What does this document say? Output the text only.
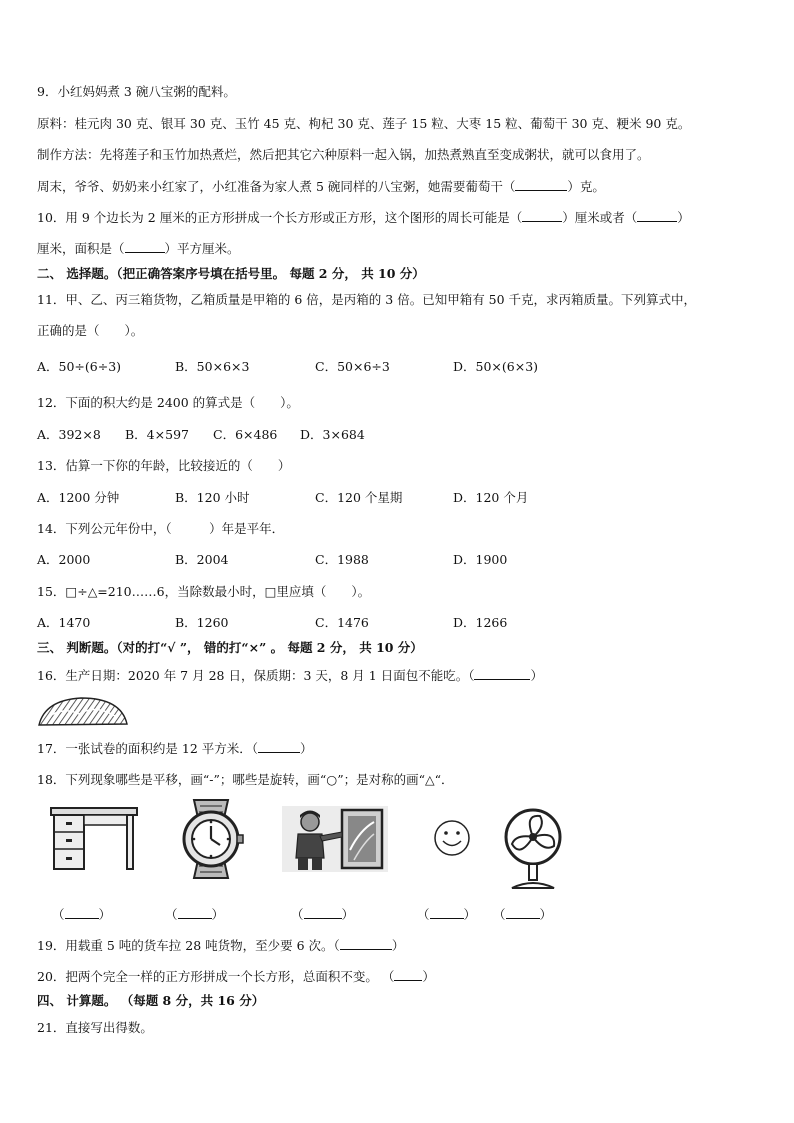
9．小红妈妈煮 3 碗八宝粥的配料。
原料：桂元肉 30 克、银耳 30 克、玉竹 45 克、枸杞 30 克、莲子 15 粒、大枣 15 粒、葡萄干 30 克、粳米 90 克。
制作方法：先将莲子和玉竹加热煮烂，然后把其它六种原料一起入锅，加热煮熟直至变成粥状，就可以食用了。
周末，爷爷、奶奶来小红家了，小红准备为家人煮 5 碗同样的八宝粥，她需要葡萄干（	）克。
10．用 9 个边长为 2 厘米的正方形拼成一个长方形或正方形，这个图形的周长可能是（	）厘米或者（	）
厘米，面积是（	）平方厘米。
二、 选择题。（把正确答案序号填在括号里。 每题 2 分， 共 10 分）
11．甲、乙、丙三箱货物，乙箱质量是甲箱的 6 倍，是丙箱的 3 倍。已知甲箱有 50 千克，求丙箱质量。下列算式中，
正确的是（　　）。
A．50÷(6÷3)	B．50×6×3	C．50×6÷3	D．50×(6×3)
12．下面的积大约是 2400 的算式是（　　）。
A．392×8 B．4×597 C．6×486 D．3×684
13．估算一下你的年龄，比较接近的（　　）
A．1200 分钟	B．120 小时	C．120 个星期	D．120 个月
14．下列公元年份中，（　　　）年是平年．
A．2000	B．2004	C．1988	D．1900
15．□÷△=210……6，当除数最小时，□里应填（　　）。
A．1470	B．1260	C．1476	D．1266
三、 判断题。（对的打“√ ”， 错的打“×” 。 每题 2 分， 共 10 分）
16．生产日期：2020 年 7 月 28 日，保质期：3 天，8 月 1 日面包不能吃。（	）
17．一张试卷的面积约是 12 平方米．（	）
18．下列现象哪些是平移，画“-”；哪些是旋转，画“○”；是对称的画“△“．
（	）	（	）	（	）	（	） （	）
19．用载重 5 吨的货车拉 28 吨货物，至少要 6 次。（	）
20．把两个完全一样的正方形拼成一个长方形，总面积不变。 （ ）
四、 计算题。 （每题 8 分，共 16 分）
21．直接写出得数。
